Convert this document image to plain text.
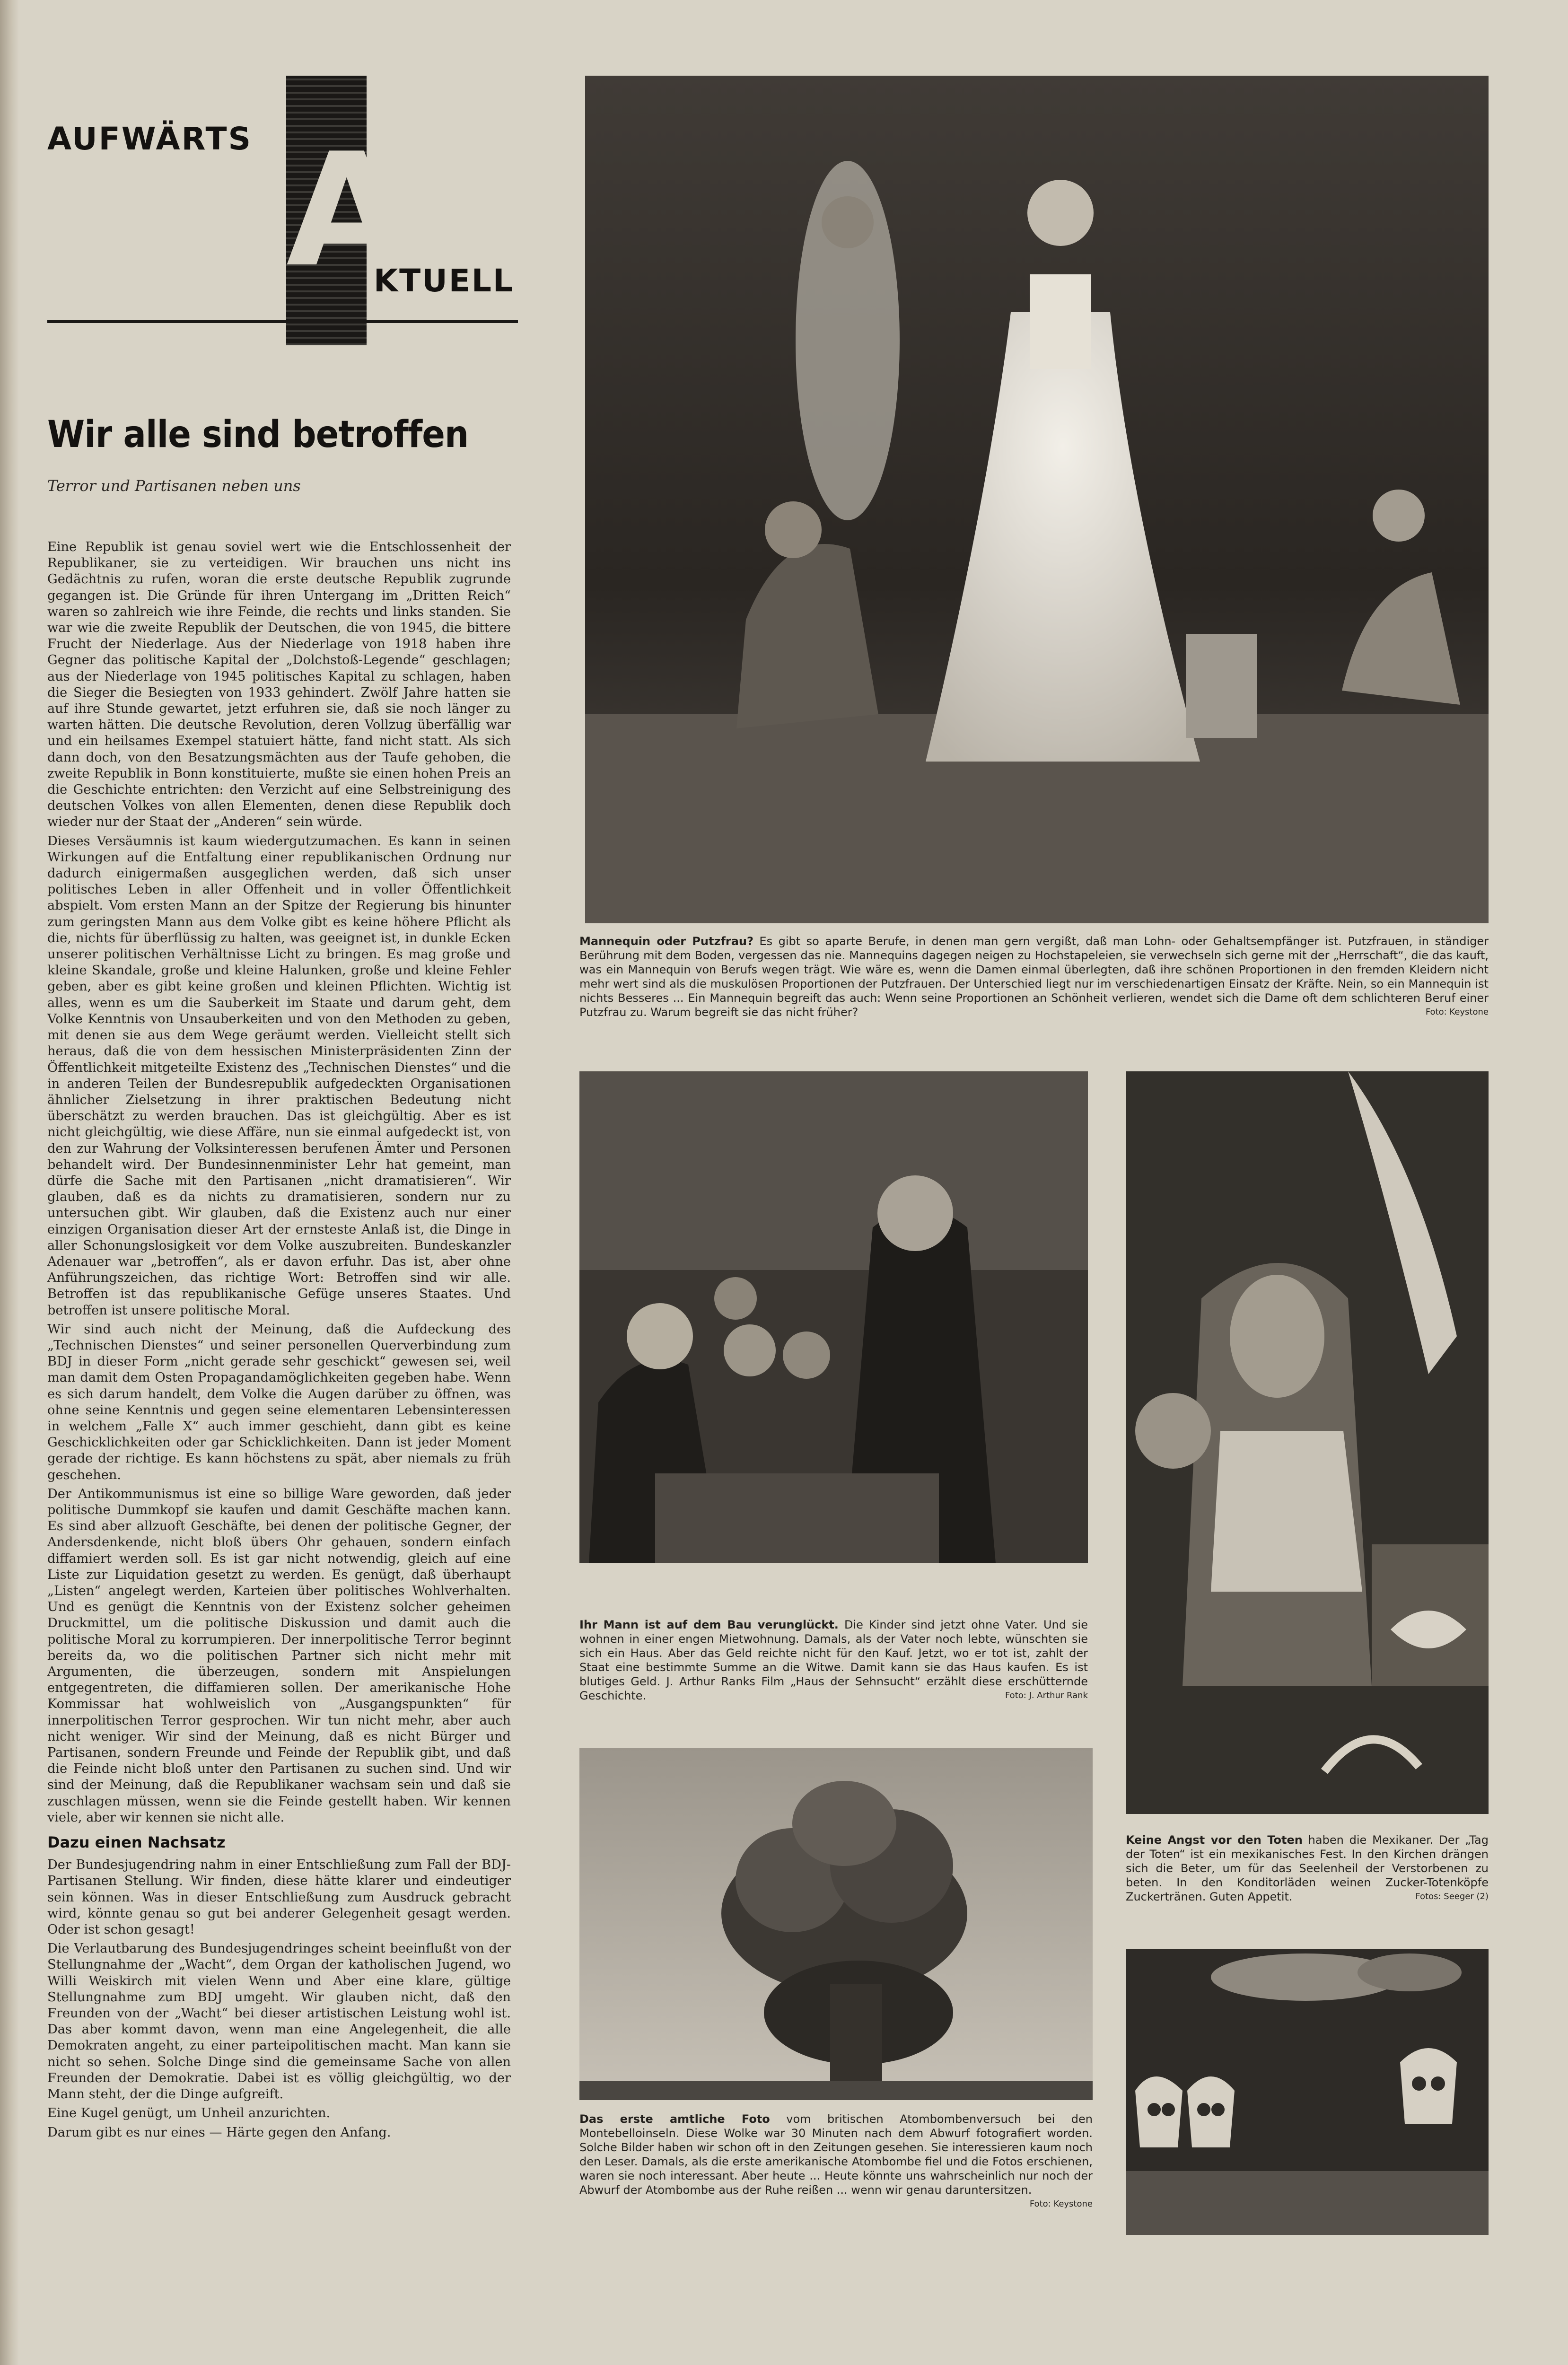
AUFWÄRTS A
KTUELL
Wir alle sind betroffen
Terror und Partisanen neben uns

Eine Republik ist genau soviel wert wie die Entschlossenheit der Republikaner, sie zu verteidigen. Wir brauchen uns nicht ins Gedächtnis zu rufen, woran die erste deutsche Republik zugrunde gegangen ist. Die Gründe für ihren Untergang im „Dritten Reich“ waren so zahlreich wie ihre Feinde, die rechts und links standen. Sie war wie die zweite Republik der Deutschen, die von 1945, die bittere Frucht der Niederlage. Aus der Niederlage von 1918 haben ihre Gegner das politische Kapital der „Dolchstoß-Legende“ geschlagen; aus der Niederlage von 1945 politisches Kapital zu schlagen, haben die Sieger die Besiegten von 1933 gehindert. Zwölf Jahre hatten sie auf ihre Stunde gewartet, jetzt erfuhren sie, daß sie noch länger zu warten hätten. Die deutsche Revolution, deren Vollzug überfällig war und ein heilsames Exempel statuiert hätte, fand nicht statt. Als sich dann doch, von den Besatzungsmächten aus der Taufe gehoben, die zweite Republik in Bonn konstituierte, mußte sie einen hohen Preis an die Geschichte entrichten: den Verzicht auf eine Selbstreinigung des deutschen Volkes von allen Elementen, denen diese Republik doch wieder nur der Staat der „Anderen“ sein würde.

Dieses Versäumnis ist kaum wiedergutzumachen. Es kann in seinen Wirkungen auf die Entfaltung einer republikanischen Ordnung nur dadurch einigermaßen ausgeglichen werden, daß sich unser politisches Leben in aller Offenheit und in voller Öffentlichkeit abspielt. Vom ersten Mann an der Spitze der Regierung bis hinunter zum geringsten Mann aus dem Volke gibt es keine höhere Pflicht als die, nichts für überflüssig zu halten, was geeignet ist, in dunkle Ecken unserer politischen Verhältnisse Licht zu bringen. Es mag große und kleine Skandale, große und kleine Halunken, große und kleine Fehler geben, aber es gibt keine großen und kleinen Pflichten. Wichtig ist alles, wenn es um die Sauberkeit im Staate und darum geht, dem Volke Kenntnis von Unsauberkeiten und von den Methoden zu geben, mit denen sie aus dem Wege geräumt werden. Vielleicht stellt sich heraus, daß die von dem hessischen Ministerpräsidenten Zinn der Öffentlichkeit mitgeteilte Existenz des „Technischen Dienstes“ und die in anderen Teilen der Bundesrepublik aufgedeckten Organisationen ähnlicher Zielsetzung in ihrer praktischen Bedeutung nicht überschätzt zu werden brauchen. Das ist gleichgültig. Aber es ist nicht gleichgültig, wie diese Affäre, nun sie einmal aufgedeckt ist, von den zur Wahrung der Volksinteressen berufenen Ämter und Personen behandelt wird. Der Bundesinnenminister Lehr hat gemeint, man dürfe die Sache mit den Partisanen „nicht dramatisieren“. Wir glauben, daß es da nichts zu dramatisieren, sondern nur zu untersuchen gibt. Wir glauben, daß die Existenz auch nur einer einzigen Organisation dieser Art der ernsteste Anlaß ist, die Dinge in aller Schonungslosigkeit vor dem Volke auszubreiten. Bundeskanzler Adenauer war „betroffen“, als er davon erfuhr. Das ist, aber ohne Anführungszeichen, das richtige Wort: Betroffen sind wir alle. Betroffen ist das republikanische Gefüge unseres Staates. Und betroffen ist unsere politische Moral.

Wir sind auch nicht der Meinung, daß die Aufdeckung des „Technischen Dienstes“ und seiner personellen Querverbindung zum BDJ in dieser Form „nicht gerade sehr geschickt“ gewesen sei, weil man damit dem Osten Propagandamöglichkeiten gegeben habe. Wenn es sich darum handelt, dem Volke die Augen darüber zu öffnen, was ohne seine Kenntnis und gegen seine elementaren Lebensinteressen in welchem „Falle X“ auch immer geschieht, dann gibt es keine Geschicklichkeiten oder gar Schicklichkeiten. Dann ist jeder Moment gerade der richtige. Es kann höchstens zu spät, aber niemals zu früh geschehen.

Der Antikommunismus ist eine so billige Ware geworden, daß jeder politische Dummkopf sie kaufen und damit Geschäfte machen kann. Es sind aber allzuoft Geschäfte, bei denen der politische Gegner, der Andersdenkende, nicht bloß übers Ohr gehauen, sondern einfach diffamiert werden soll. Es ist gar nicht notwendig, gleich auf eine Liste zur Liquidation gesetzt zu werden. Es genügt, daß überhaupt „Listen“ angelegt werden, Karteien über politisches Wohlverhalten. Und es genügt die Kenntnis von der Existenz solcher geheimen Druckmittel, um die politische Diskussion und damit auch die politische Moral zu korrumpieren. Der innerpolitische Terror beginnt bereits da, wo die politischen Partner sich nicht mehr mit Argumenten, die überzeugen, sondern mit Anspielungen entgegentreten, die diffamieren sollen. Der amerikanische Hohe Kommissar hat wohlweislich von „Ausgangspunkten“ für innerpolitischen Terror gesprochen. Wir tun nicht mehr, aber auch nicht weniger. Wir sind der Meinung, daß es nicht Bürger und Partisanen, sondern Freunde und Feinde der Republik gibt, und daß die Feinde nicht bloß unter den Partisanen zu suchen sind. Und wir sind der Meinung, daß die Republikaner wachsam sein und daß sie zuschlagen müssen, wenn sie die Feinde gestellt haben. Wir kennen viele, aber wir kennen sie nicht alle.

Dazu einen Nachsatz

Der Bundesjugendring nahm in einer Entschließung zum Fall der BDJ-Partisanen Stellung. Wir finden, diese hätte klarer und eindeutiger sein können. Was in dieser Entschließung zum Ausdruck gebracht wird, könnte genau so gut bei anderer Gelegenheit gesagt werden. Oder ist schon gesagt!

Die Verlautbarung des Bundesjugendringes scheint beeinflußt von der Stellungnahme der „Wacht“, dem Organ der katholischen Jugend, wo Willi Weiskirch mit vielen Wenn und Aber eine klare, gültige Stellungnahme zum BDJ umgeht. Wir glauben nicht, daß den Freunden von der „Wacht“ bei dieser artistischen Leistung wohl ist. Das aber kommt davon, wenn man eine Angelegenheit, die alle Demokraten angeht, zu einer parteipolitischen macht. Man kann sie nicht so sehen. Solche Dinge sind die gemeinsame Sache von allen Freunden der Demokratie. Dabei ist es völlig gleichgültig, wo der Mann steht, der die Dinge aufgreift.

Eine Kugel genügt, um Unheil anzurichten.

Darum gibt es nur eines — Härte gegen den Anfang.

Mannequin oder Putzfrau? Es gibt so aparte Berufe, in denen man gern vergißt, daß man Lohn- oder Gehaltsempfänger ist. Putzfrauen, in ständiger Berührung mit dem Boden, vergessen das nie. Mannequins dagegen neigen zu Hochstapeleien, sie verwechseln sich gerne mit der „Herrschaft“, die das kauft, was ein Mannequin von Berufs wegen trägt. Wie wäre es, wenn die Damen einmal überlegten, daß ihre schönen Proportionen in den fremden Kleidern nicht mehr wert sind als die muskulösen Proportionen der Putzfrauen. Der Unterschied liegt nur im verschiedenartigen Einsatz der Kräfte. Nein, so ein Mannequin ist nichts Besseres ... Ein Mannequin begreift das auch: Wenn seine Proportionen an Schönheit verlieren, wendet sich die Dame oft dem schlichteren Beruf einer Putzfrau zu. Warum begreift sie das nicht früher?	Foto: Keystone
Ihr Mann ist auf dem Bau verunglückt. Die Kinder sind jetzt ohne Vater. Und sie wohnen in einer engen Mietwohnung. Damals, als der Vater noch lebte, wünschten sie sich ein Haus. Aber das Geld reichte nicht für den Kauf. Jetzt, wo er tot ist, zahlt der Staat eine bestimmte Summe an die Witwe. Damit kann sie das Haus kaufen. Es ist blutiges Geld. J. Arthur Ranks Film „Haus der Sehnsucht“ erzählt diese erschütternde Geschichte.	Foto: J. Arthur Rank
Keine Angst vor den Toten haben die Mexikaner. Der „Tag der Toten“ ist ein mexikanisches Fest. In den Kirchen drängen sich die Beter, um für das Seelenheil der Verstorbenen zu beten. In den Konditorläden weinen Zucker-Totenköpfe Zuckertränen. Guten Appetit.	Fotos: Seeger (2)
Das erste amtliche Foto vom britischen Atombombenversuch bei den Montebelloinseln. Diese Wolke war 30 Minuten nach dem Abwurf fotografiert worden. Solche Bilder haben wir schon oft in den Zeitungen gesehen. Sie interessieren kaum noch den Leser. Damals, als die erste amerikanische Atombombe fiel und die Fotos erschienen, waren sie noch interessant. Aber heute ... Heute könnte uns wahrscheinlich nur noch der Abwurf der Atombombe aus der Ruhe reißen ... wenn wir genau daruntersitzen.
Foto: Keystone
